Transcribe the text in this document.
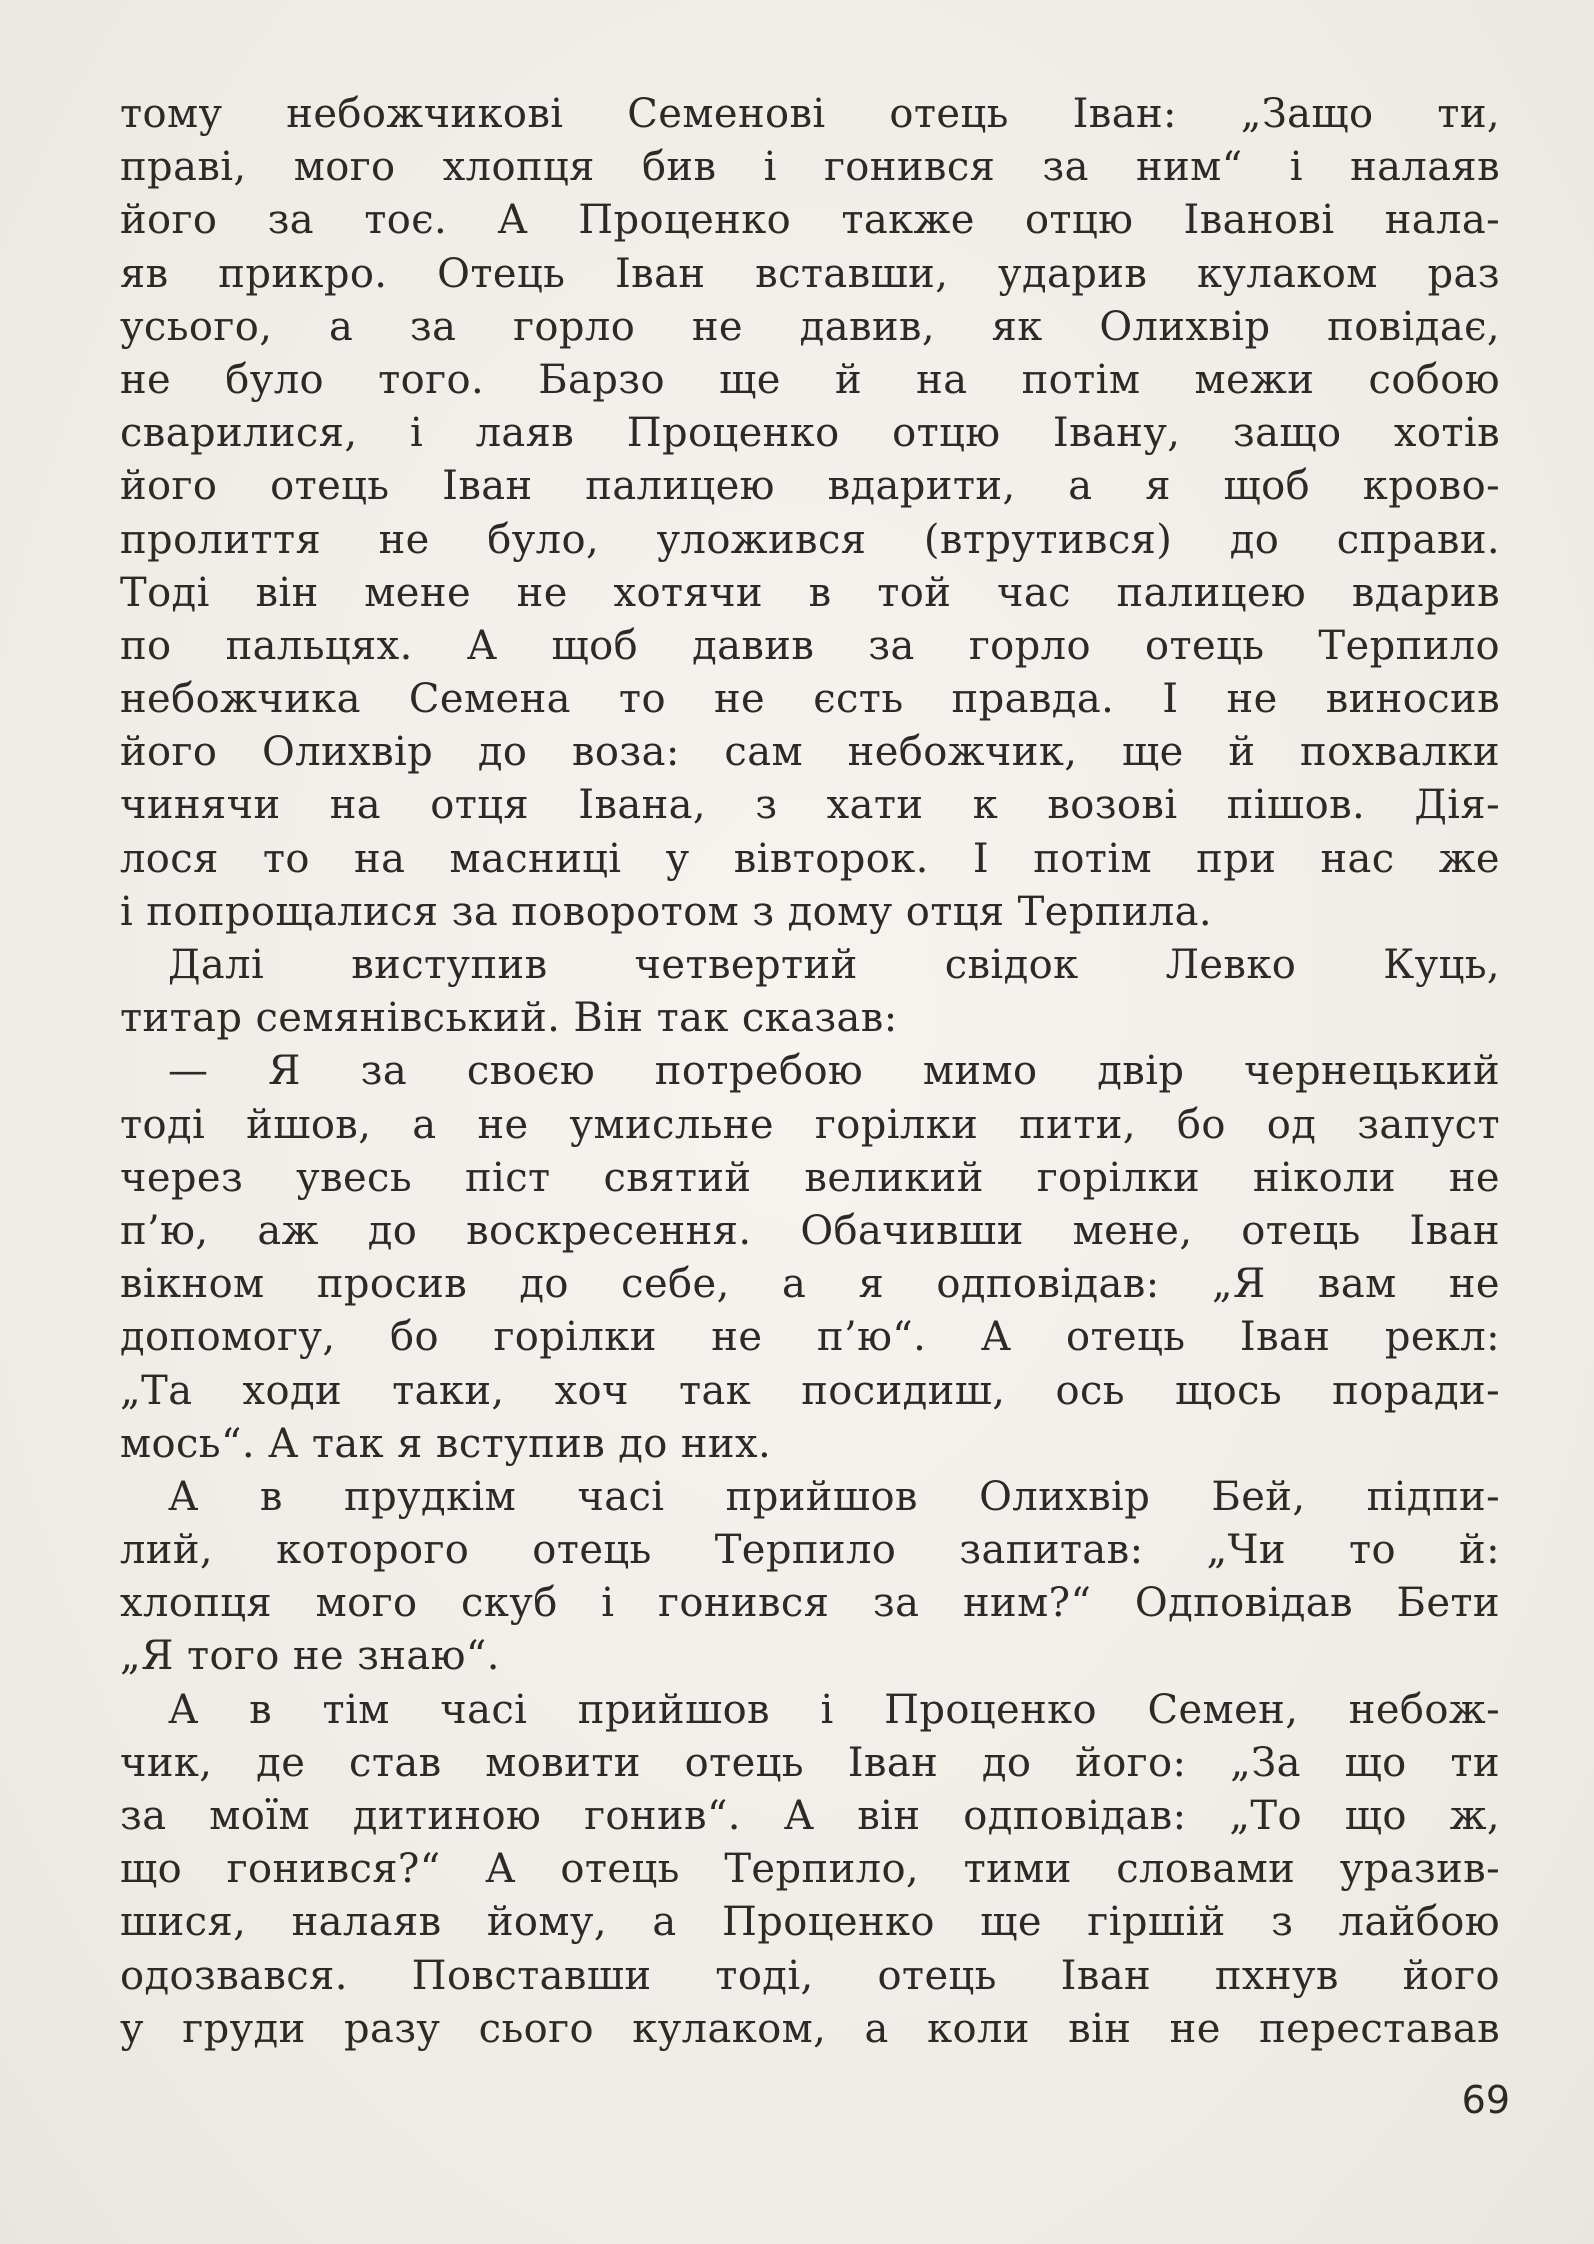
тому небожчикові Семенові отець Іван: „Защо ти,
праві, мого хлопця бив і гонився за ним“ і налаяв
його за тоє. А Проценко также отцю Іванові нала-
яв прикро. Отець Іван вставши, ударив кулаком раз
усього, а за горло не давив, як Олихвір повідає,
не було того. Барзо ще й на потім межи собою
сварилися, і лаяв Проценко отцю Івану, защо хотів
його отець Іван палицею вдарити, а я щоб крово-
пролиття не було, уложився (втрутився) до справи.
Тоді він мене не хотячи в той час палицею вдарив
по пальцях. А щоб давив за горло отець Терпило
небожчика Семена то не єсть правда. І не виносив
його Олихвір до воза: сам небожчик, ще й похвалки
чинячи на отця Івана, з хати к возові пішов. Дія-
лося то на масниці у вівторок. І потім при нас же
і попрощалися за поворотом з дому отця Терпила.
Далі виступив четвертий свідок Левко Куць,
титар семянівський. Він так сказав:
— Я за своєю потребою мимо двір чернецький
тоді йшов, а не умисльне горілки пити, бо од запуст
через увесь піст святий великий горілки ніколи не
п’ю, аж до воскресення. Обачивши мене, отець Іван
вікном просив до себе, а я одповідав: „Я вам не
допомогу, бо горілки не п’ю“. А отець Іван рекл:
„Та ходи таки, хоч так посидиш, ось щось поради-
мось“. А так я вступив до них.
А в прудкім часі прийшов Олихвір Бей, підпи-
лий, которого отець Терпило запитав: „Чи то й:
хлопця мого скуб і гонився за ним?“ Одповідав Бети
„Я того не знаю“.
А в тім часі прийшов і Проценко Семен, небож-
чик, де став мовити отець Іван до його: „За що ти
за моїм дитиною гонив“. А він одповідав: „То що ж,
що гонився?“ А отець Терпило, тими словами уразив-
шися, налаяв йому, а Проценко ще гіршій з лайбою
одозвався. Повставши тоді, отець Іван пхнув його
у груди разу сього кулаком, а коли він не переставав
69
